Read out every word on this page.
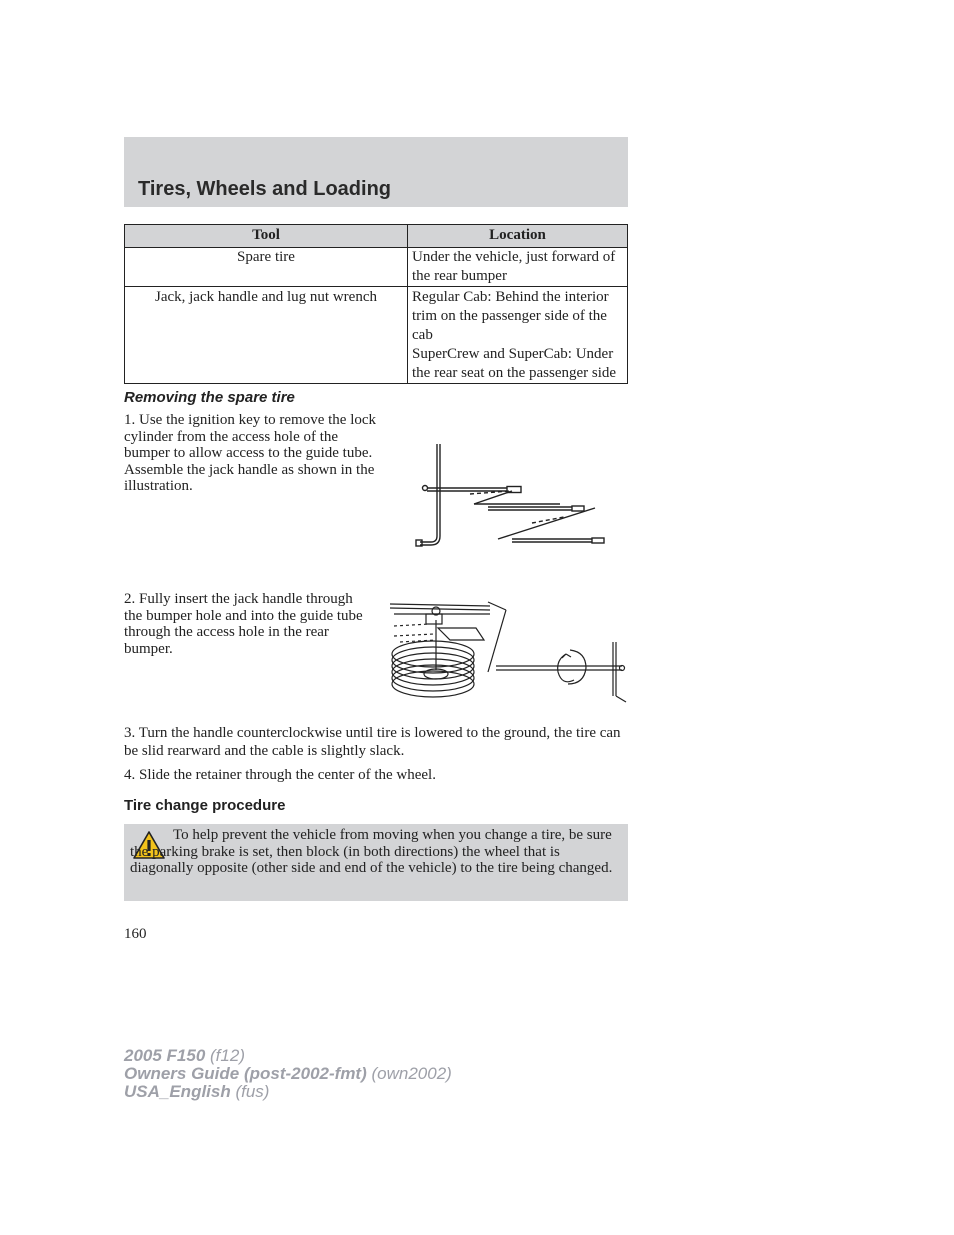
Tires, Wheels and Loading
Tool	Location
Spare tire	Under the vehicle, just forward of the rear bumper
Jack, jack handle and lug nut wrench	Regular Cab: Behind the interior trim on the passenger side of the cab
SuperCrew and SuperCab: Under the rear seat on the passenger side
Removing the spare tire
1. Use the ignition key to remove the lock cylinder from the access hole of the bumper to allow access to the guide tube. Assemble the jack handle as shown in the illustration.
2. Fully insert the jack handle through the bumper hole and into the guide tube through the access hole in the rear bumper.
3. Turn the handle counterclockwise until tire is lowered to the ground, the tire can be slid rearward and the cable is slightly slack.
4. Slide the retainer through the center of the wheel.
Tire change procedure
To help prevent the vehicle from moving when you change a tire, be sure the parking brake is set, then block (in both directions) the wheel that is diagonally opposite (other side and end of the vehicle) to the tire being changed.
160
2005 F150 (f12)
Owners Guide (post-2002-fmt) (own2002)
USA_English (fus)
